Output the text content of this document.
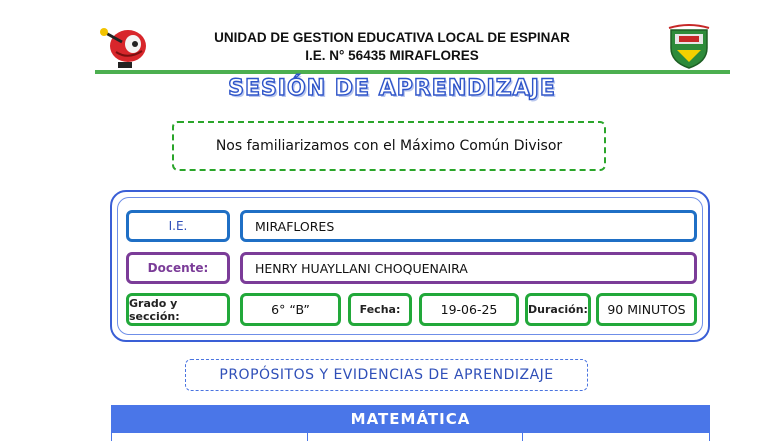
UNIDAD DE GESTION EDUCATIVA LOCAL DE ESPINAR
I.E. N° 56435 MIRAFLORES
SESIÓN DE APRENDIZAJE
Nos familiarizamos con el Máximo Común Divisor
I.E.	MIRAFLORES
Docente:	HENRY HUAYLLANI CHOQUENAIRA
Grado y sección:	6° “B”	Fecha:	19-06-25	Duración:	90 MINUTOS
PROPÓSITOS Y EVIDENCIAS DE APRENDIZAJE
MATEMÁTICA
